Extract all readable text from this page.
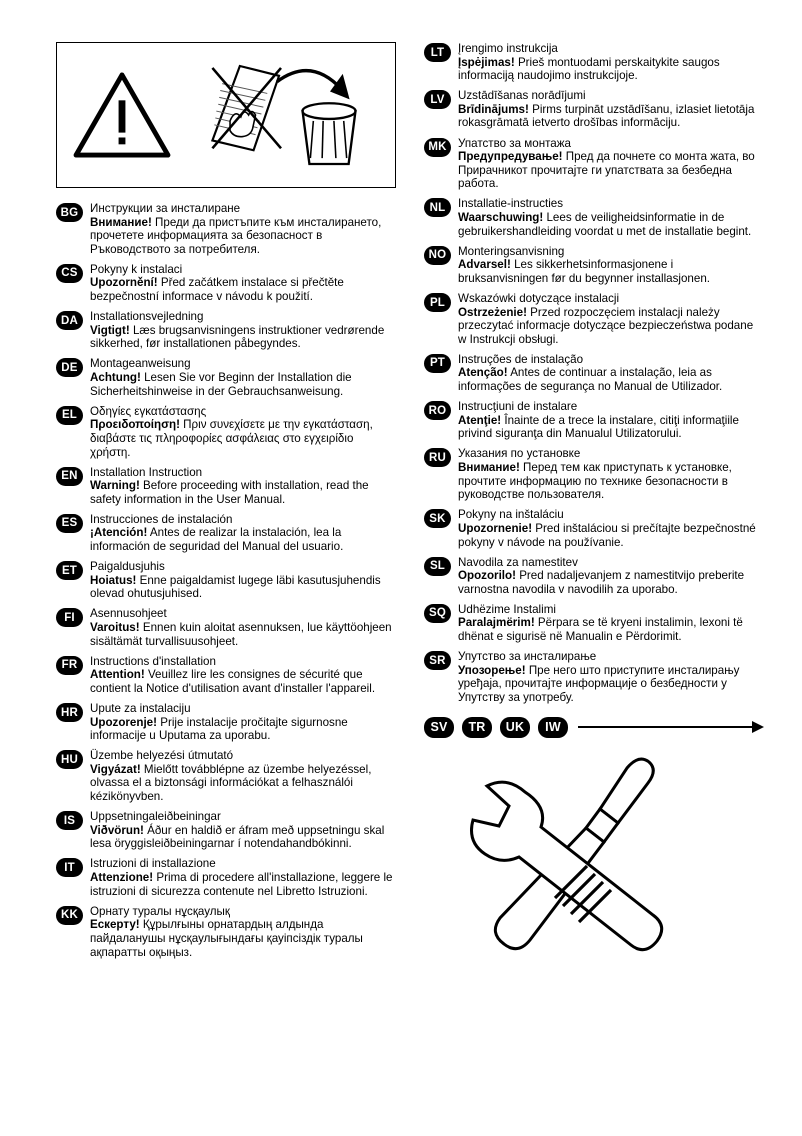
BG	Инструкции за инсталиране
Внимание! Преди да пристъпите към инсталирането, прочетете информацията за безопасност в Ръководството за потребителя.
CS	Pokyny k instalaci
Upozornění! Před začátkem instalace si přečtěte bezpečnostní informace v návodu k použití.
DA	Installationsvejledning
Vigtigt! Læs brugsanvisningens instruktioner vedrørende sikkerhed, før installationen påbegyndes.
DE	Montageanweisung
Achtung! Lesen Sie vor Beginn der Installation die Sicherheitshinweise in der Gebrauchsanweisung.
EL	Οδηγίες εγκατάστασης
Προειδοποίηση! Πριν συνεχίσετε με την εγκατάσταση, διαβάστε τις πληροφορίες ασφάλειας στο εγχειρίδιο χρήστη.
EN	Installation Instruction
Warning! Before proceeding with installation, read the safety information in the User Manual.
ES	Instrucciones de instalación
¡Atención! Antes de realizar la instalación, lea la información de seguridad del Manual del usuario.
ET	Paigaldusjuhis
Hoiatus! Enne paigaldamist lugege läbi kasutusjuhendis olevad ohutusjuhised.
FI	Asennusohjeet
Varoitus! Ennen kuin aloitat asennuksen, lue käyttöohjeen sisältämät turvallisuusohjeet.
FR	Instructions d'installation
Attention! Veuillez lire les consignes de sécurité que contient la Notice d'utilisation avant d'installer l'appareil.
HR	Upute za instalaciju
Upozorenje! Prije instalacije pročitajte sigurnosne informacije u Uputama za uporabu.
HU	Üzembe helyezési útmutató
Vigyázat! Mielőtt továbblépne az üzembe helyezéssel, olvassa el a biztonsági információkat a felhasználói kézikönyvben.
IS	Uppsetningaleiðbeiningar
Viðvörun! Áður en haldið er áfram með uppsetningu skal lesa öryggisleiðbeiningarnar í notendahandbókinni.
IT	Istruzioni di installazione
Attenzione! Prima di procedere all'installazione, leggere le istruzioni di sicurezza contenute nel Libretto Istruzioni.
KK	Орнату туралы нұсқаулық
Ескерту! Құрылғыны орнатардың алдында пайдаланушы нұсқаулығындағы қауіпсіздік туралы ақпаратты оқыңыз.
LT	Įrengimo instrukcija
Įspėjimas! Prieš montuodami perskaitykite saugos informaciją naudojimo instrukcijoje.
LV	Uzstādīšanas norādījumi
Brīdinājums! Pirms turpināt uzstādīšanu, izlasiet lietotāja rokasgrāmatā ietverto drošības informāciju.
MK Упатство за монтажа
Предупредување! Пред да почнете со монта жата, во Прирачникот прочитајте ги упатствата за безбедна работа.
NL	Installatie-instructies
Waarschuwing! Lees de veiligheidsinformatie in de gebruikershandleiding voordat u met de installatie begint.
NO	Monteringsanvisning
Advarsel! Les sikkerhetsinformasjonene i bruksanvisningen før du begynner installasjonen.
PL	Wskazówki dotyczące instalacji
Ostrzeżenie! Przed rozpoczęciem instalacji należy przeczytać informacje dotyczące bezpieczeństwa podane w Instrukcji obsługi.
PT	Instruções de instalação
Atenção! Antes de continuar a instalação, leia as informações de segurança no Manual de Utilizador.
RO	Instrucţiuni de instalare
Atenţie! Înainte de a trece la instalare, citiţi informaţiile privind siguranţa din Manualul Utilizatorului.
RU	Указания по установке
Внимание! Перед тем как приступать к установке, прочтите информацию по технике безопасности в руководстве пользователя.
SK	Pokyny na inštaláciu
Upozornenie! Pred inštaláciou si prečítajte bezpečnostné pokyny v návode na používanie.
SL	Navodila za namestitev
Opozorilo! Pred nadaljevanjem z namestitvijo preberite varnostna navodila v navodilih za uporabo.
SQ	Udhëzime Instalimi
Paralajmërim! Përpara se të kryeni instalimin, lexoni të dhënat e sigurisë në Manualin e Përdorimit.
SR	Упутство за инсталирање
Упозорење! Пре него што приступите инсталирању уређаја, прочитајте информације о безбедности у Упутству за употребу.
SV	TR	UK	IW
